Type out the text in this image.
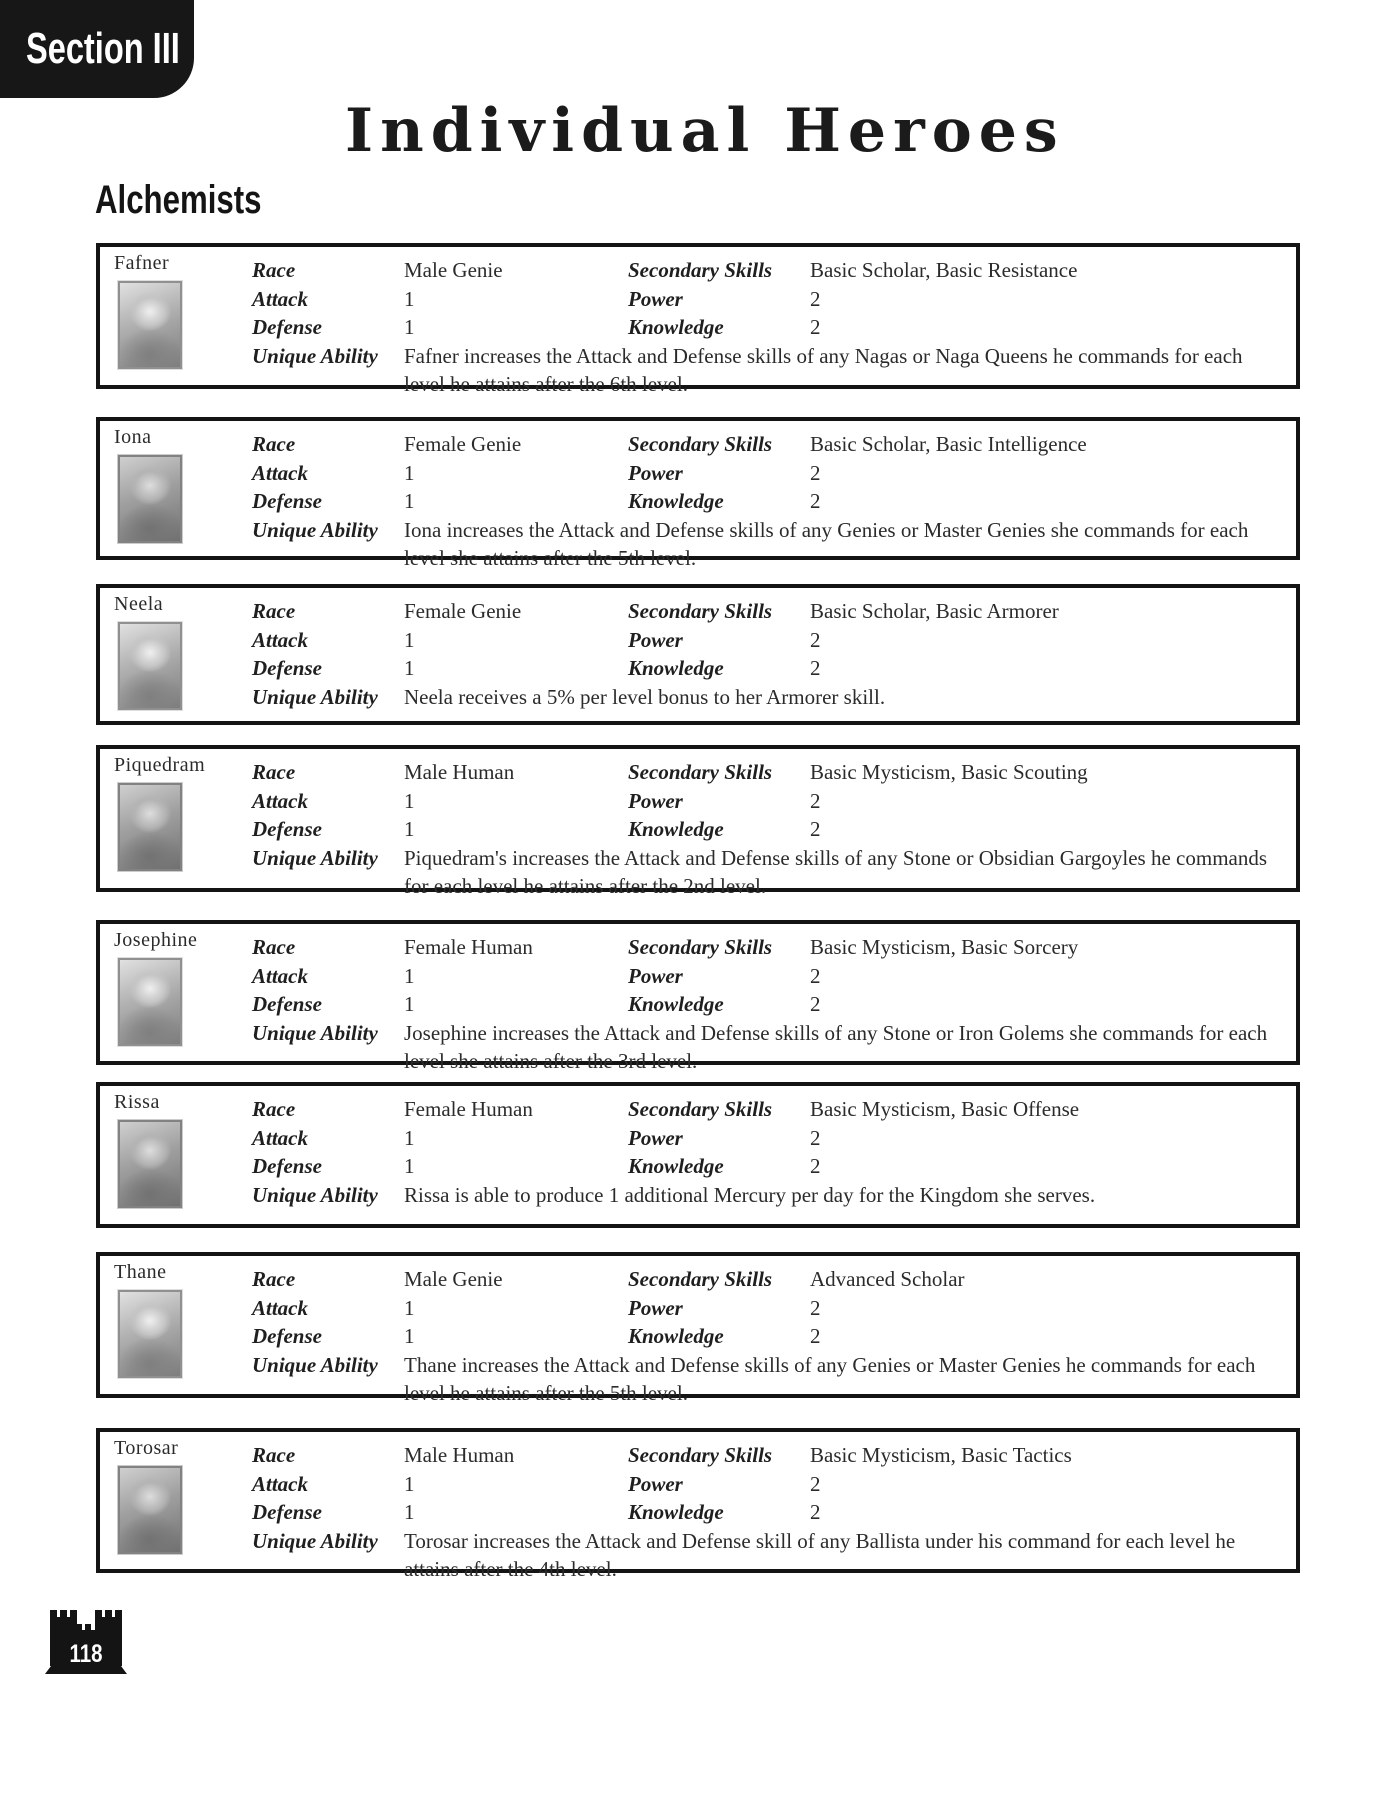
Section III
Individual Heroes
Alchemists
Fafner	Race	Male Genie	Secondary Skills	Basic Scholar, Basic Resistance
Attack	1	Power	2
Defense	1	Knowledge	2
Unique Ability	Fafner increases the Attack and Defense skills of any Nagas or Naga Queens he commands for each level he attains after the 6th level.
Iona	Race	Female Genie	Secondary Skills	Basic Scholar, Basic Intelligence
Attack	1	Power	2
Defense	1	Knowledge	2
Unique Ability	Iona increases the Attack and Defense skills of any Genies or Master Genies she commands for each level she attains after the 5th level.
Neela	Race	Female Genie	Secondary Skills	Basic Scholar, Basic Armorer
Attack	1	Power	2
Defense	1	Knowledge	2
Unique Ability	Neela receives a 5% per level bonus to her Armorer skill.
Piquedram Race	Male Human	Secondary Skills	Basic Mysticism, Basic Scouting
Attack	1	Power	2
Defense	1	Knowledge	2
Unique Ability	Piquedram's increases the Attack and Defense skills of any Stone or Obsidian Gargoyles he commands for each level he attains after the 2nd level.
Josephine	Race	Female Human	Secondary Skills	Basic Mysticism, Basic Sorcery
Attack	1	Power	2
Defense	1	Knowledge	2
Unique Ability	Josephine increases the Attack and Defense skills of any Stone or Iron Golems she commands for each level she attains after the 3rd level.
Rissa	Race	Female Human	Secondary Skills	Basic Mysticism, Basic Offense
Attack	1	Power	2
Defense	1	Knowledge	2
Unique Ability	Rissa is able to produce 1 additional Mercury per day for the Kingdom she serves.
Thane	Race	Male Genie	Secondary Skills	Advanced Scholar
Attack	1	Power	2
Defense	1	Knowledge	2
Unique Ability	Thane increases the Attack and Defense skills of any Genies or Master Genies he commands for each level he attains after the 5th level.
Torosar	Race	Male Human	Secondary Skills	Basic Mysticism, Basic Tactics
Attack	1	Power	2
Defense	1	Knowledge	2
Unique Ability	Torosar increases the Attack and Defense skill of any Ballista under his command for each level he attains after the 4th level.
118
